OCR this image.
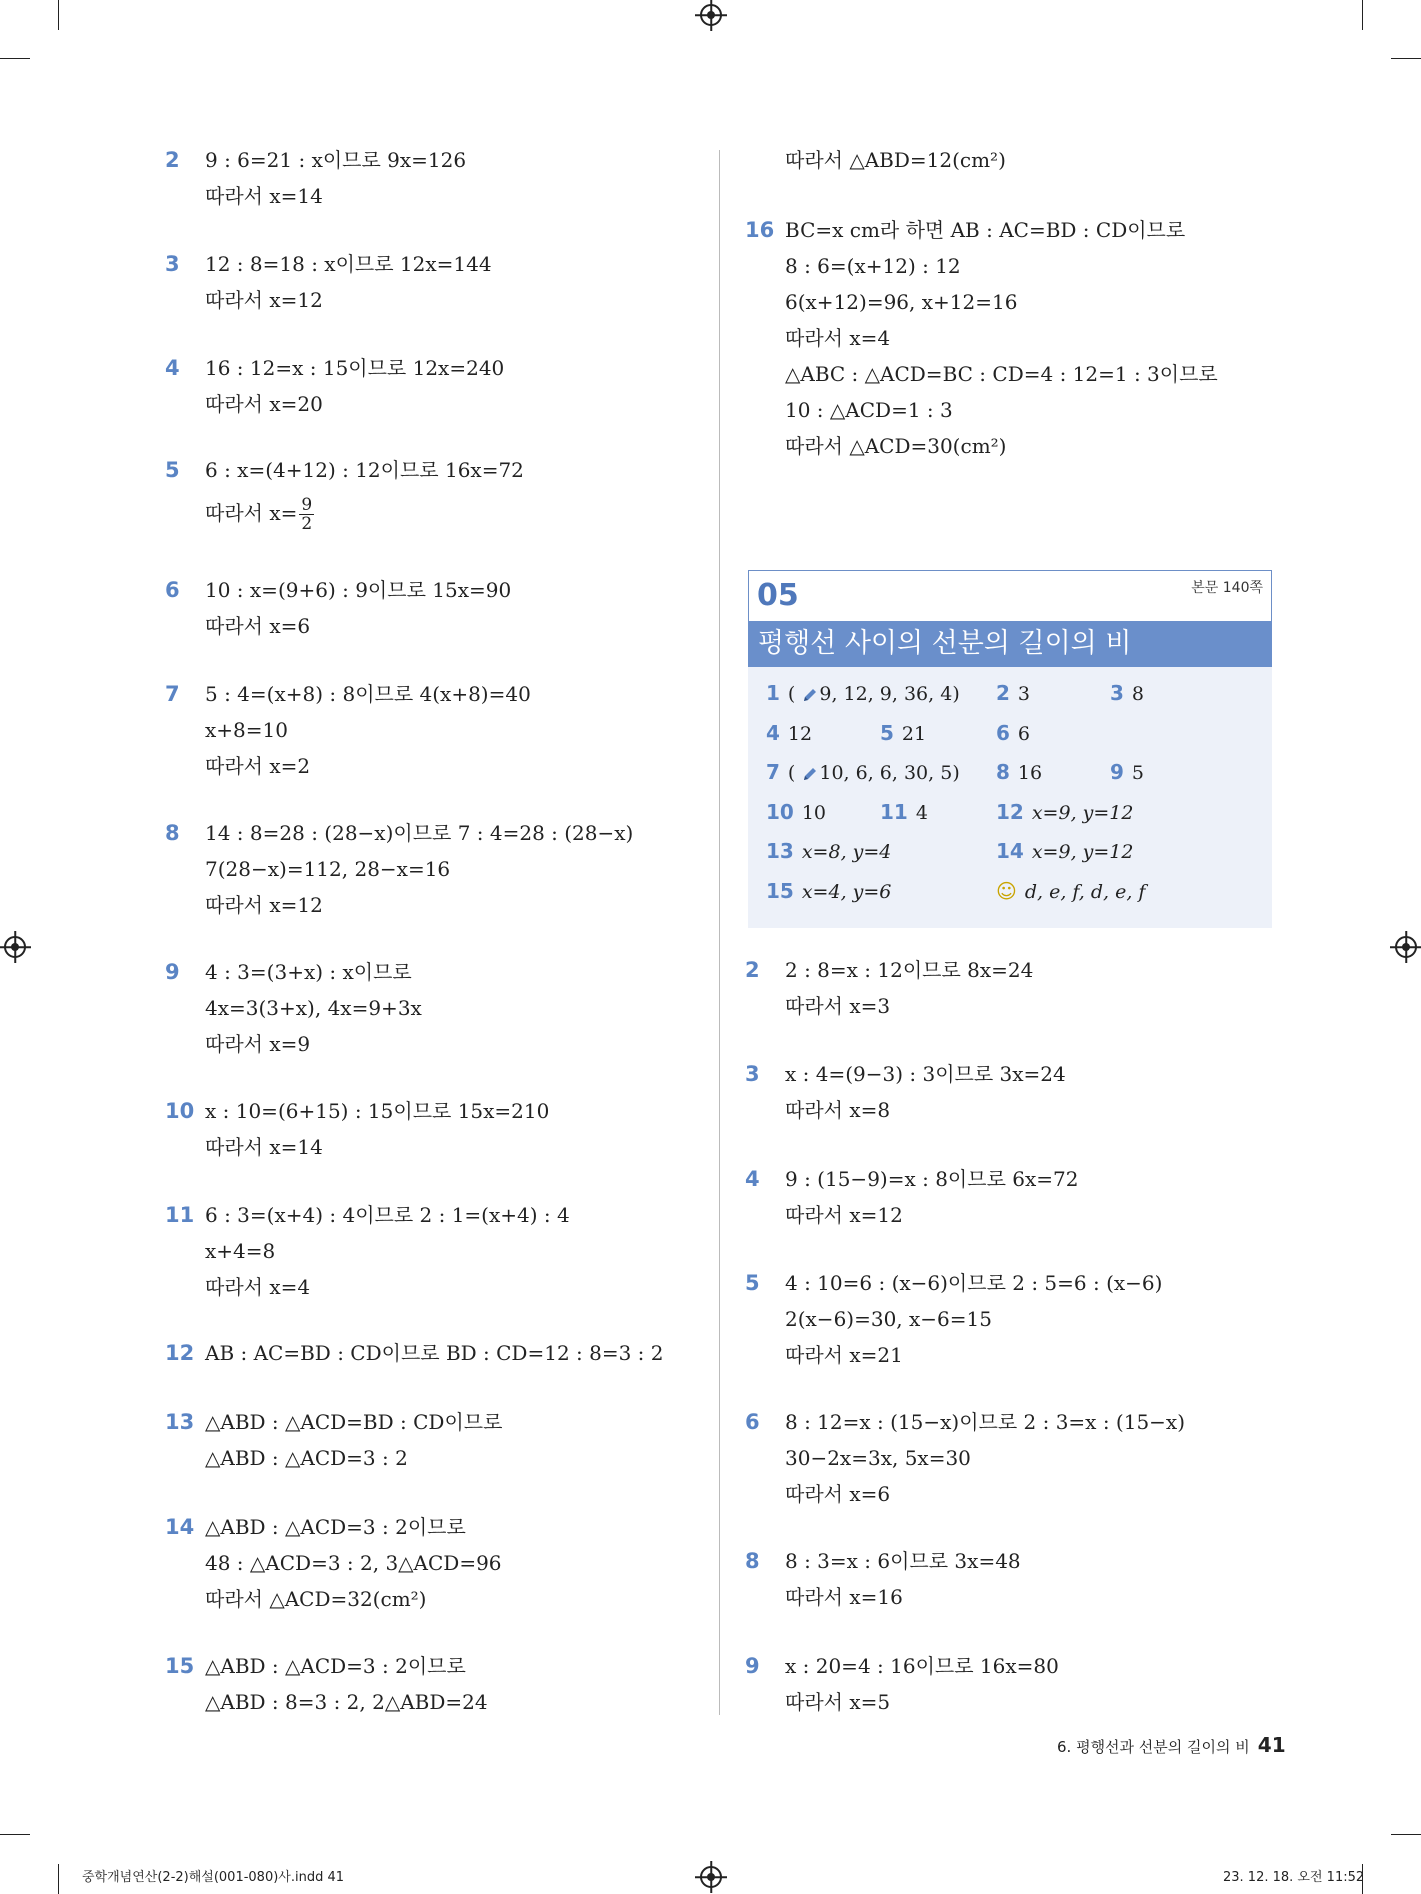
2 9 : 6=21 : x이므로 9x=126
따라서 x=14
3 12 : 8=18 : x이므로 12x=144
따라서 x=12
4 16 : 12=x : 15이므로 12x=240
따라서 x=20
5 6 : x=(4+12) : 12이므로 16x=72
따라서 $x= \frac{9}{2}$
6 10 : x=(9+6) : 9이므로 15x=90
따라서 x=6
7 5 : 4=(x+8) : 8이므로 4(x+8)=40
x+8=10
따라서 x=2
8 14 : 8=28 : (28−x)이므로 7 : 4=28 : (28−x)
7(28−x)=112, 28−x=16
따라서 x=12
9 4 : 3=(3+x) : x이므로
4x=3(3+x), 4x=9+3x
따라서 x=9
10 x : 10=(6+15) : 15이므로 15x=210
따라서 x=14
11 6 : 3=(x+4) : 4이므로 2 : 1=(x+4) : 4
x+4=8
따라서 x=4
12 AB : AC=BD : CD이므로 BD : CD=12 : 8=3 : 2
13 △ABD : △ACD=BD : CD이므로
△ABD : △ACD=3 : 2
14 △ABD : △ACD=3 : 2이므로
48 : △ACD=3 : 2, 3△ACD=96
따라서 △ACD=32(cm²)
15 △ABD : △ACD=3 : 2이므로
△ABD : 8=3 : 2, 2△ABD=24
따라서 △ABD=12(cm²)
16 BC=x cm라 하면 AB : AC=BD : CD이므로
8 : 6=(x+12) : 12
6(x+12)=96, x+12=16
따라서 x=4
△ABC : △ACD=BC : CD=4 : 12=1 : 3이므로
10 : △ACD=1 : 3
따라서 △ACD=30(cm²)
05	본문 140쪽
평행선 사이의 선분의 길이의 비
1 ( 9, 12, 9, 36, 4) 2 3	3 8
4 12	5 21	6 6
7 ( 10, 6, 6, 30, 5) 8 16	9 5
10 10	11 4	12 x=9, y=12
13 x=8, y=4	14 x=9, y=12
15 x=4, y=6	☺ d, e, f, d, e, f
2 2 : 8=x : 12이므로 8x=24
따라서 x=3
3 x : 4=(9−3) : 3이므로 3x=24
따라서 x=8
4 9 : (15−9)=x : 8이므로 6x=72
따라서 x=12
5 4 : 10=6 : (x−6)이므로 2 : 5=6 : (x−6)
2(x−6)=30, x−6=15
따라서 x=21
6 8 : 12=x : (15−x)이므로 2 : 3=x : (15−x)
30−2x=3x, 5x=30
따라서 x=6
8 8 : 3=x : 6이므로 3x=48
따라서 x=16
9 x : 20=4 : 16이므로 16x=80
따라서 x=5
6. 평행선과 선분의 길이의 비 41
중학개념연산(2-2)해설(001-080)사.indd 41	23. 12. 18. 오전 11:52
